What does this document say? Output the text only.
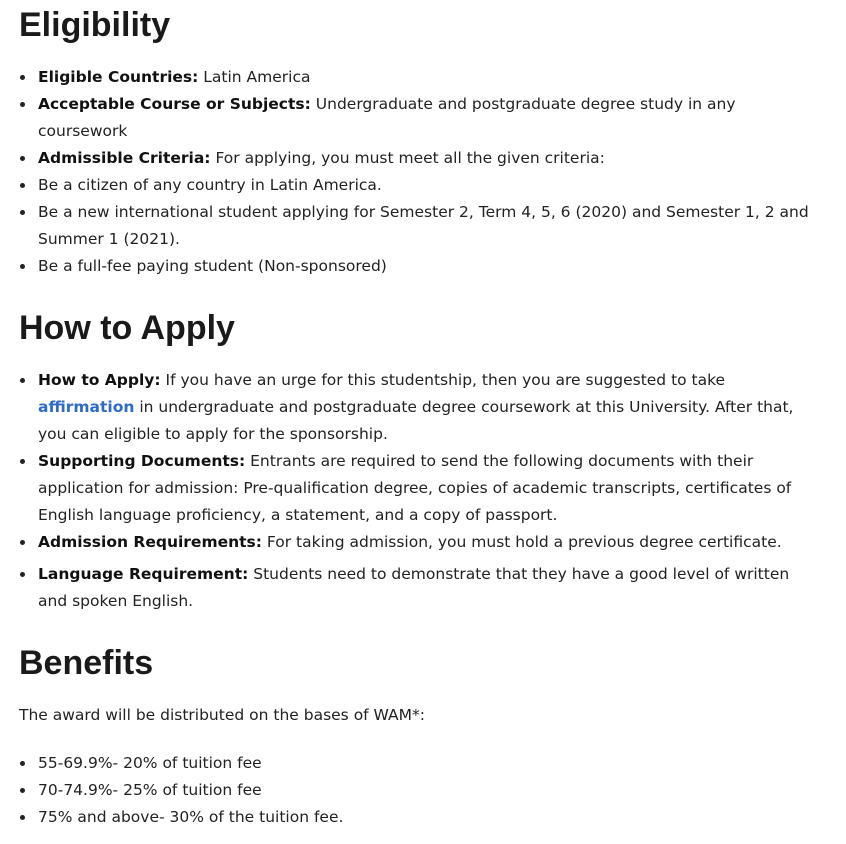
Eligibility
Eligible Countries: Latin America
Acceptable Course or Subjects: Undergraduate and postgraduate degree study in any coursework
Admissible Criteria: For applying, you must meet all the given criteria:
Be a citizen of any country in Latin America.
Be a new international student applying for Semester 2, Term 4, 5, 6 (2020) and Semester 1, 2 and Summer 1 (2021).
Be a full-fee paying student (Non-sponsored)
How to Apply
How to Apply: If you have an urge for this studentship, then you are suggested to take affirmation in undergraduate and postgraduate degree coursework at this University. After that, you can eligible to apply for the sponsorship.
Supporting Documents: Entrants are required to send the following documents with their application for admission: Pre-qualification degree, copies of academic transcripts, certificates of English language proficiency, a statement, and a copy of passport.
Admission Requirements: For taking admission, you must hold a previous degree certificate.
Language Requirement: Students need to demonstrate that they have a good level of written and spoken English.
Benefits

The award will be distributed on the bases of WAM*:

55-69.9%- 20% of tuition fee
70-74.9%- 25% of tuition fee
75% and above- 30% of the tuition fee.
